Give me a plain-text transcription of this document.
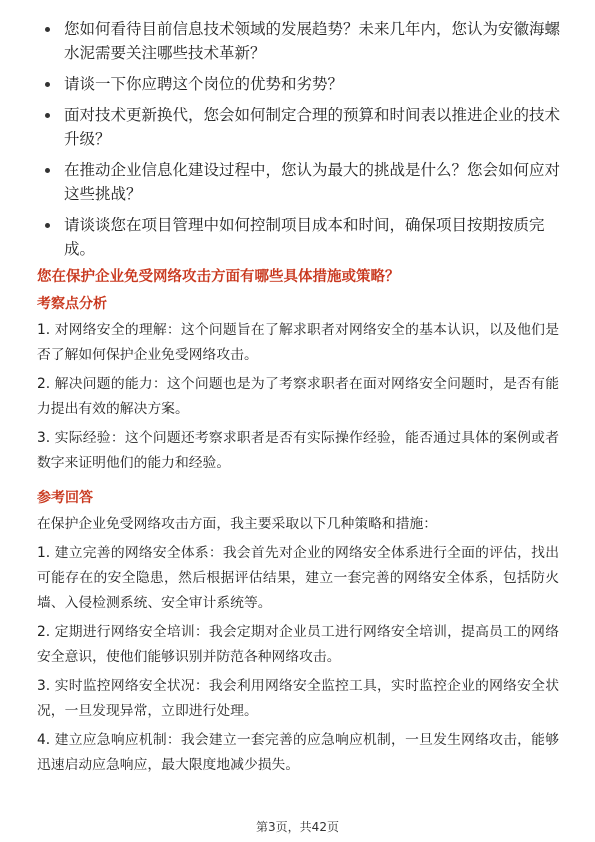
您如何看待目前信息技术领域的发展趋势？未来几年内，您认为安徽海螺水泥需要关注哪些技术革新？
请谈一下你应聘这个岗位的优势和劣势？
面对技术更新换代，您会如何制定合理的预算和时间表以推进企业的技术升级？
在推动企业信息化建设过程中，您认为最大的挑战是什么？您会如何应对这些挑战？
请谈谈您在项目管理中如何控制项目成本和时间，确保项目按期按质完成。
您在保护企业免受网络攻击方面有哪些具体措施或策略？
考察点分析

1. 对网络安全的理解：这个问题旨在了解求职者对网络安全的基本认识，以及他们是否了解如何保护企业免受网络攻击。

2. 解决问题的能力：这个问题也是为了考察求职者在面对网络安全问题时，是否有能力提出有效的解决方案。

3. 实际经验：这个问题还考察求职者是否有实际操作经验，能否通过具体的案例或者数字来证明他们的能力和经验。

参考回答

在保护企业免受网络攻击方面，我主要采取以下几种策略和措施：

1. 建立完善的网络安全体系：我会首先对企业的网络安全体系进行全面的评估，找出可能存在的安全隐患，然后根据评估结果，建立一套完善的网络安全体系，包括防火墙、入侵检测系统、安全审计系统等。

2. 定期进行网络安全培训：我会定期对企业员工进行网络安全培训，提高员工的网络安全意识，使他们能够识别并防范各种网络攻击。

3. 实时监控网络安全状况：我会利用网络安全监控工具，实时监控企业的网络安全状况，一旦发现异常，立即进行处理。

4. 建立应急响应机制：我会建立一套完善的应急响应机制，一旦发生网络攻击，能够迅速启动应急响应，最大限度地减少损失。

第3页，共42页
